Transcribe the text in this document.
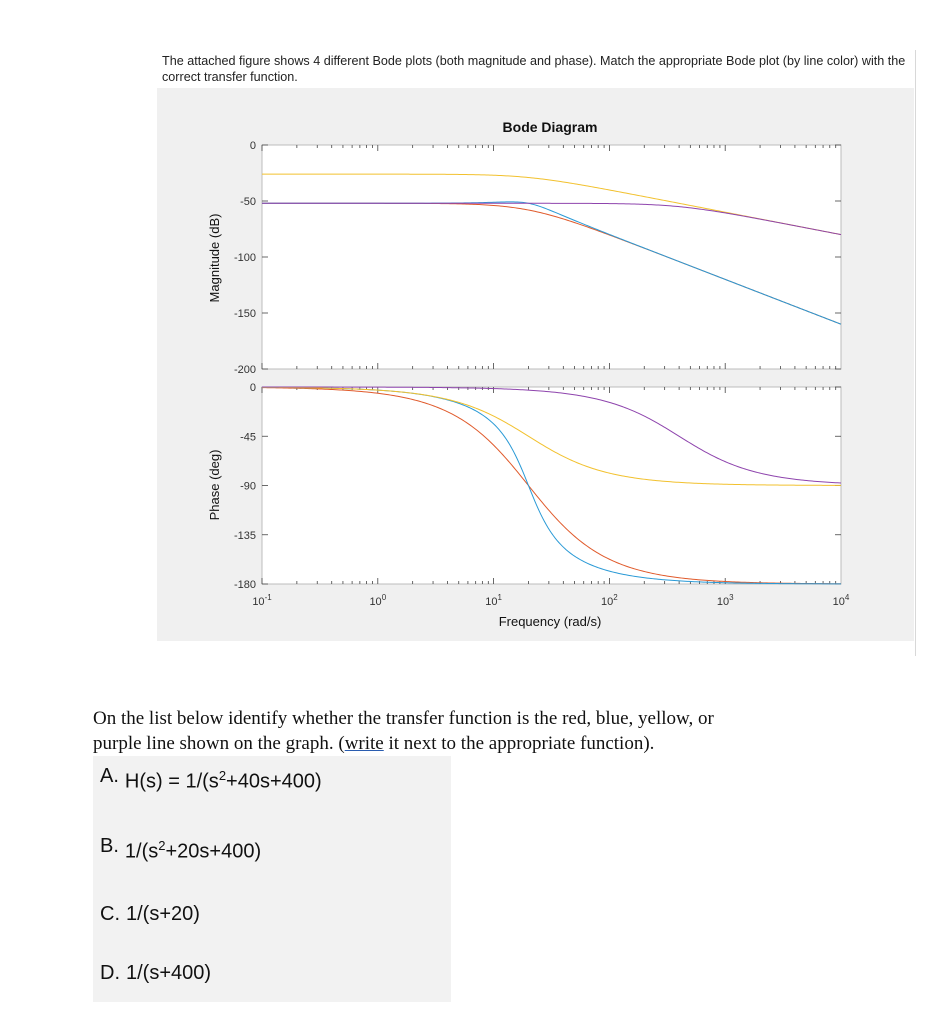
The attached figure shows 4 different Bode plots (both magnitude and phase). Match the appropriate Bode plot (by line color) with the correct transfer function.
Bode Diagram
0
-50
-100
-150
-200
0
-45
-90
-135
-180
$10^{-1}$	$10^0$	$10^1$	$10^2$	$10^3$	$10^4$
Magnitude (dB)
Phase (deg)
Frequency (rad/s)
On the list below identify whether the transfer function is the red, blue, yellow, or
purple line shown on the graph. (write it next to the appropriate function).
A. $H(s) = 1/(s^2+40s+400)$
B. $1/(s^2+20s+400)$
C. 1/(s+20)
D. 1/(s+400)
